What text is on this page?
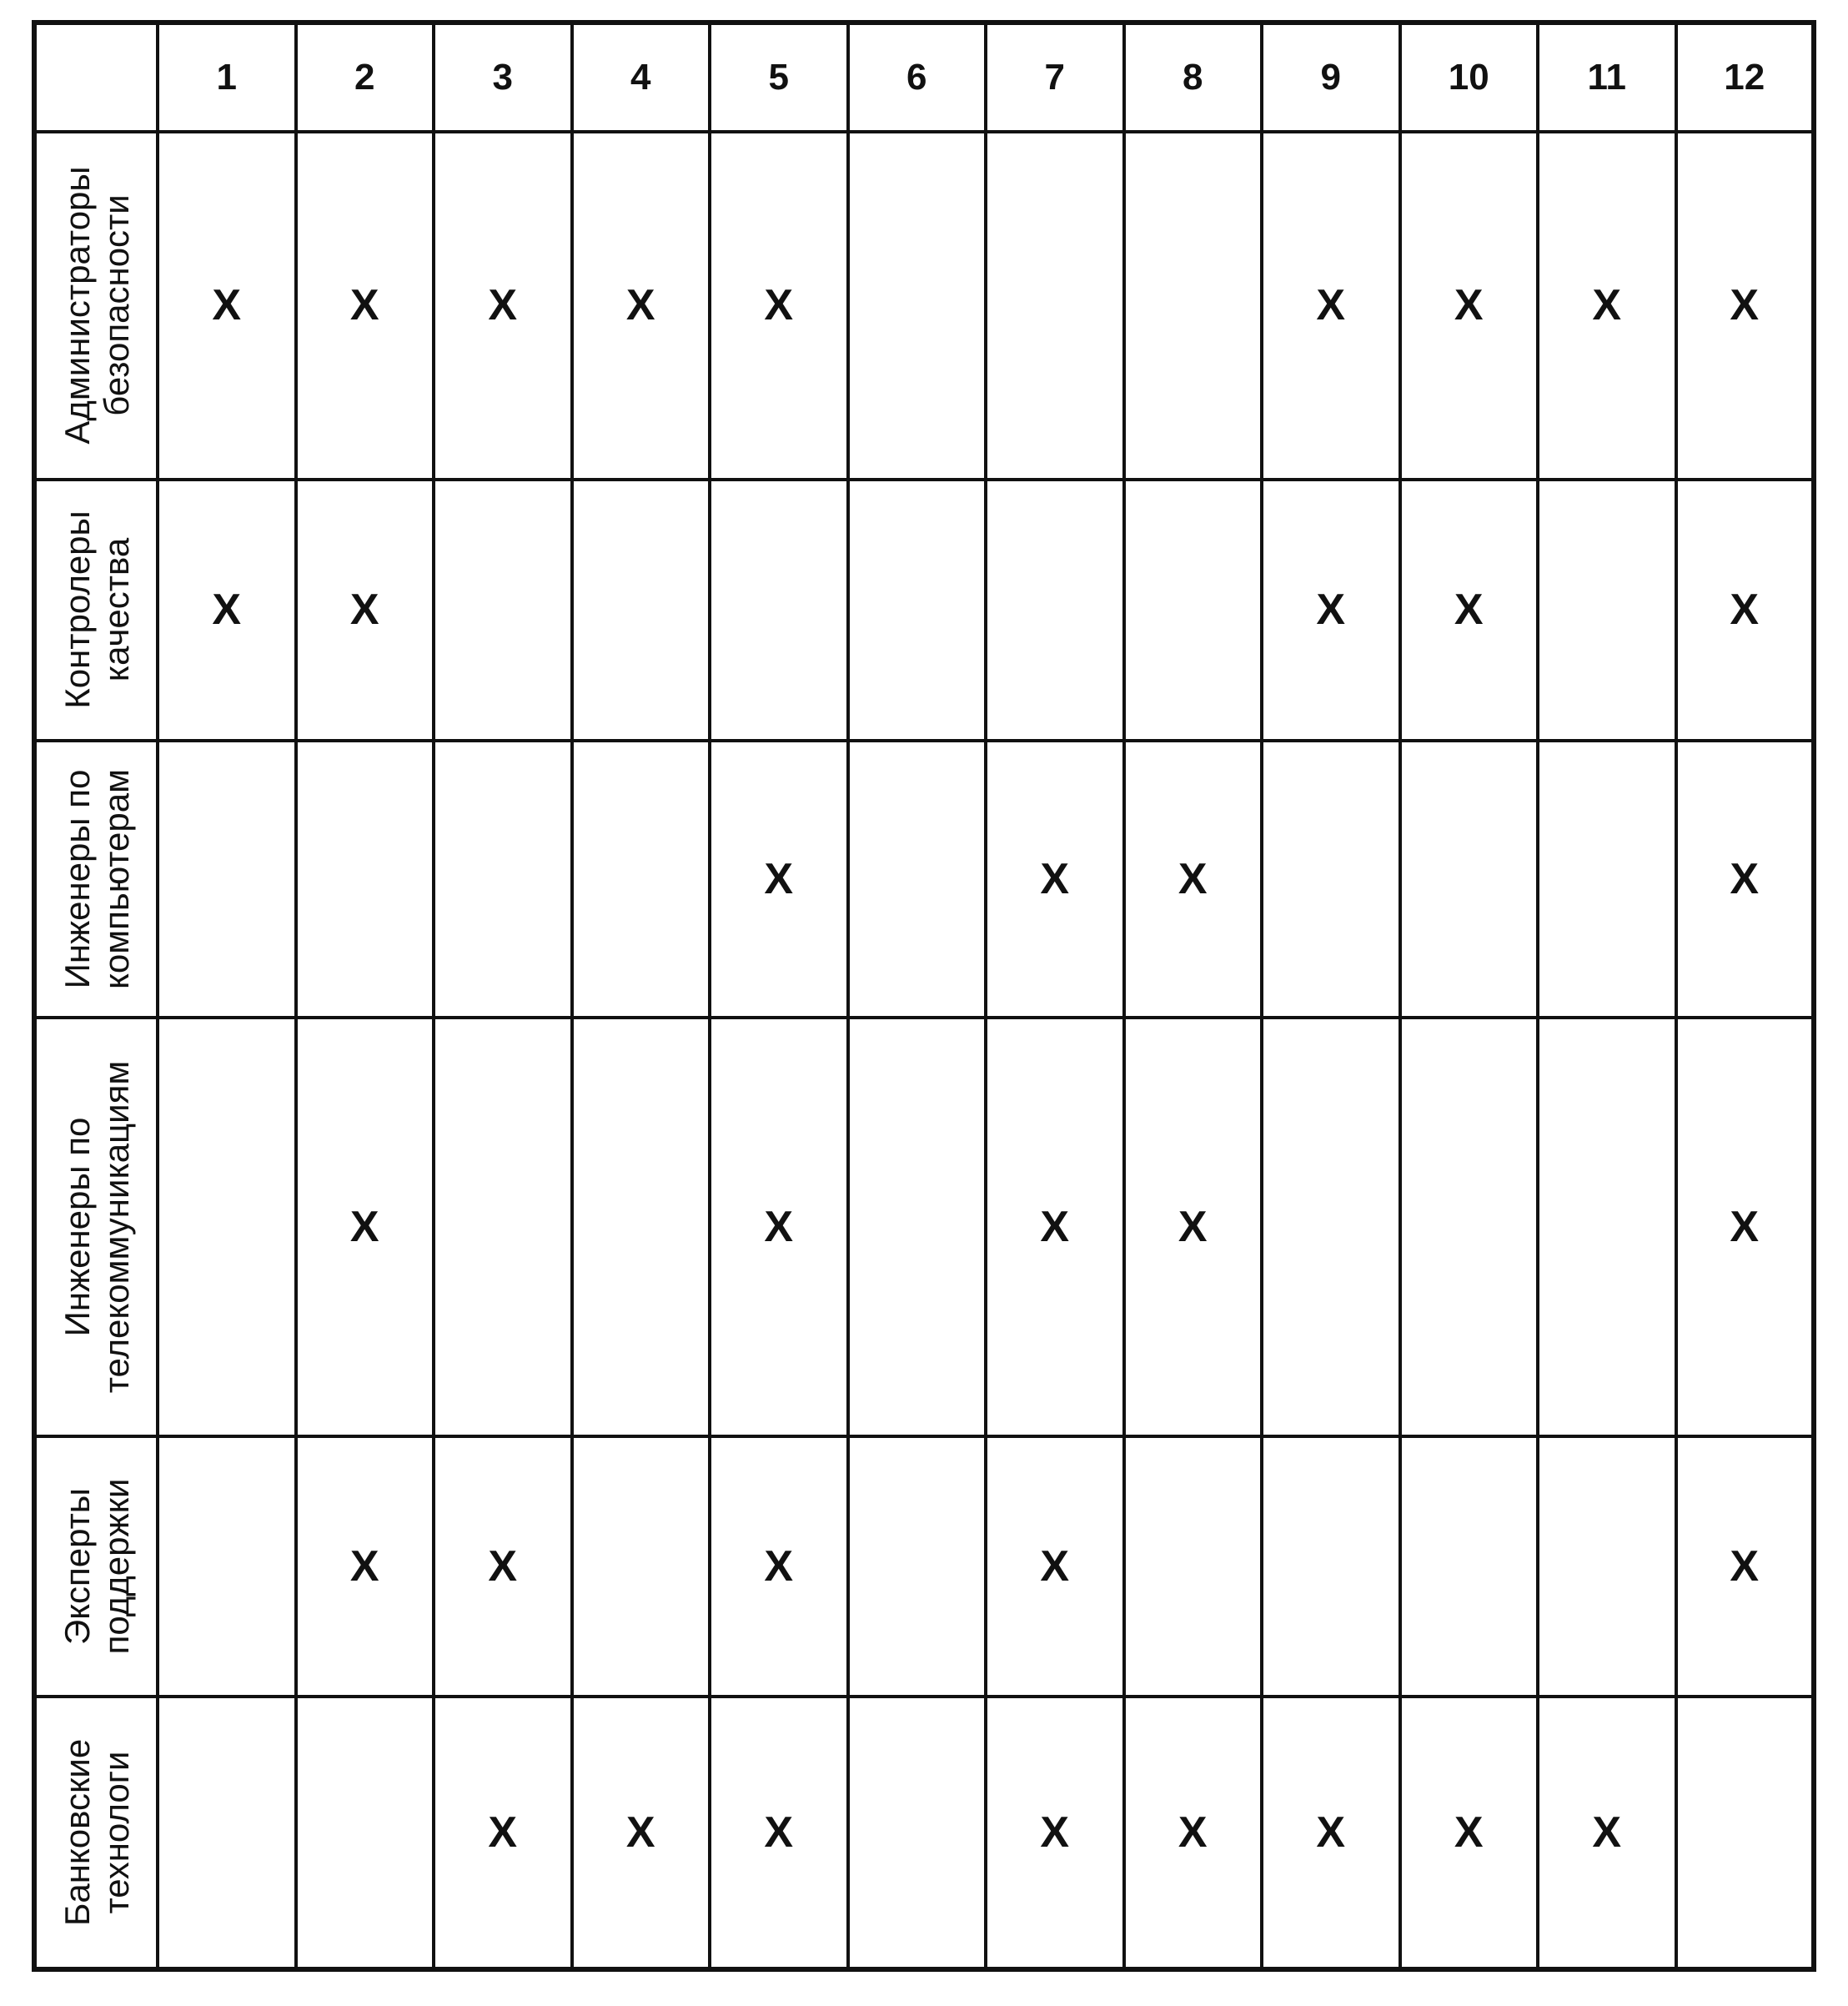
	1	2	3	4	5	6	7	8	9	10	11	12

Администраторы
безопасности	X	X	X	X	X				X	X	X	X

Контролеры
качества	X	X							X	X		X

Инженеры по
компьютерам					X		X	X				X

Инженеры по
телекоммуникациям		X			X		X	X				X

Эксперты
поддержки		X	X		X		X					X

Банковские
технологи			X	X	X		X	X	X	X	X	
